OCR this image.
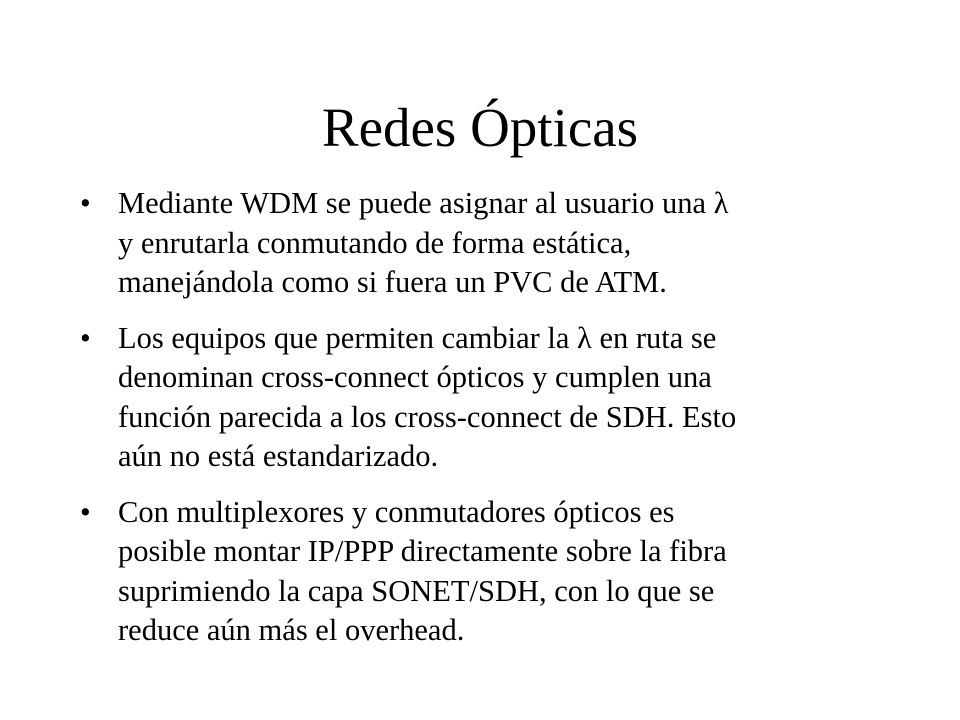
Redes Ópticas
• Mediante WDM se puede asignar al usuario una λ
y enrutarla conmutando de forma estática,
manejándola como si fuera un PVC de ATM.
• Los equipos que permiten cambiar la λ en ruta se
denominan cross-connect ópticos y cumplen una
función parecida a los cross-connect de SDH. Esto
aún no está estandarizado.
• Con multiplexores y conmutadores ópticos es
posible montar IP/PPP directamente sobre la fibra
suprimiendo la capa SONET/SDH, con lo que se
reduce aún más el overhead.
